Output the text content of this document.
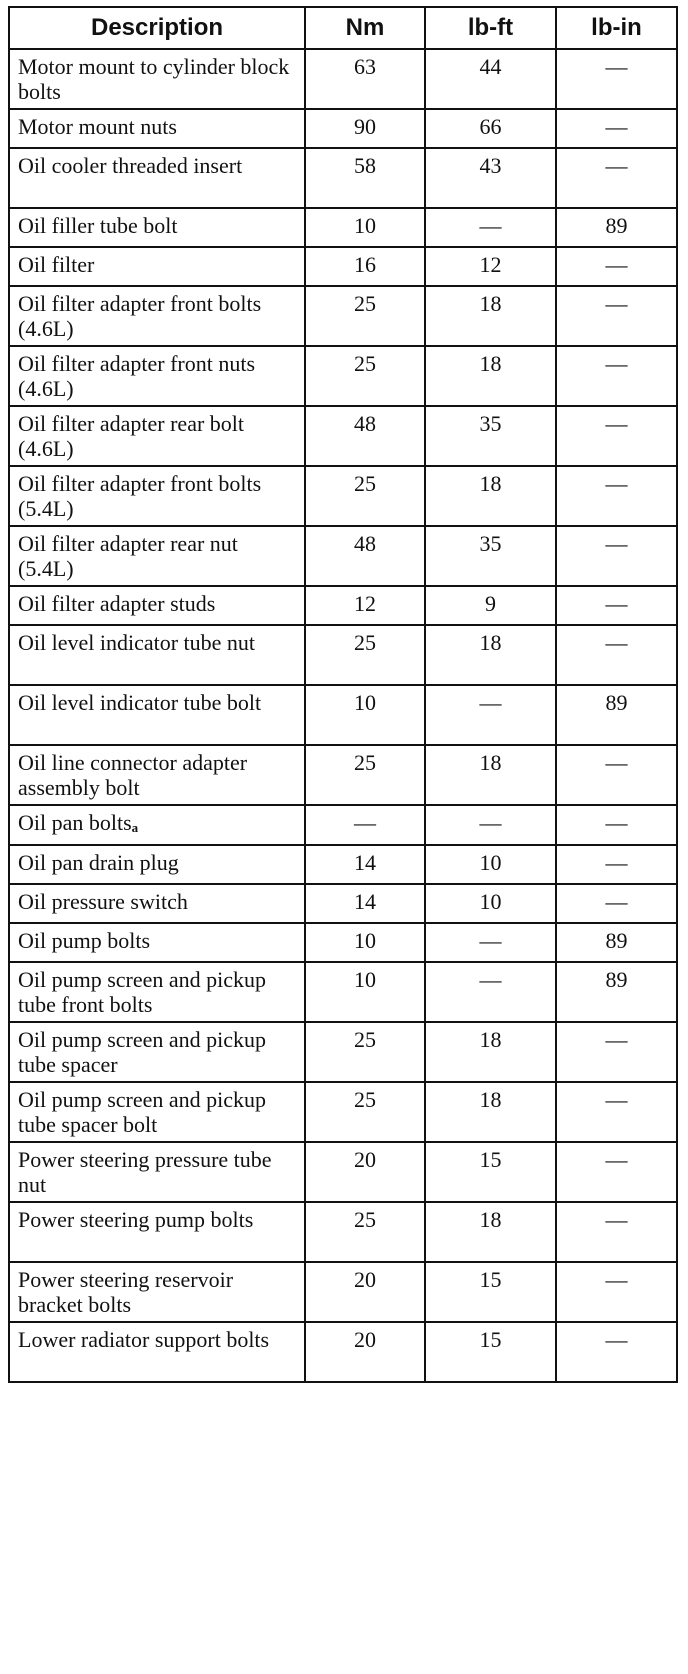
Description	Nm	lb-ft	lb-in
Motor mount to cylinder block bolts	63	44	—
Motor mount nuts	90	66	—
Oil cooler threaded insert	58	43	—
Oil filler tube bolt	10	—	89
Oil filter	16	12	—
Oil filter adapter front bolts (4.6L)	25	18	—
Oil filter adapter front nuts (4.6L)	25	18	—
Oil filter adapter rear bolt (4.6L)	48	35	—
Oil filter adapter front bolts (5.4L)	25	18	—
Oil filter adapter rear nut (5.4L)	48	35	—
Oil filter adapter studs	12	9	—
Oil level indicator tube nut	25	18	—
Oil level indicator tube bolt	10	—	89
Oil line connector adapter assembly bolt	25	18	—
Oil pan boltsa	—	—	—
Oil pan drain plug	14	10	—
Oil pressure switch	14	10	—
Oil pump bolts	10	—	89
Oil pump screen and pickup tube front bolts	10	—	89
Oil pump screen and pickup tube spacer	25	18	—
Oil pump screen and pickup tube spacer bolt	25	18	—
Power steering pressure tube nut	20	15	—
Power steering pump bolts	25	18	—
Power steering reservoir bracket bolts	20	15	—
Lower radiator support bolts	20	15	—
